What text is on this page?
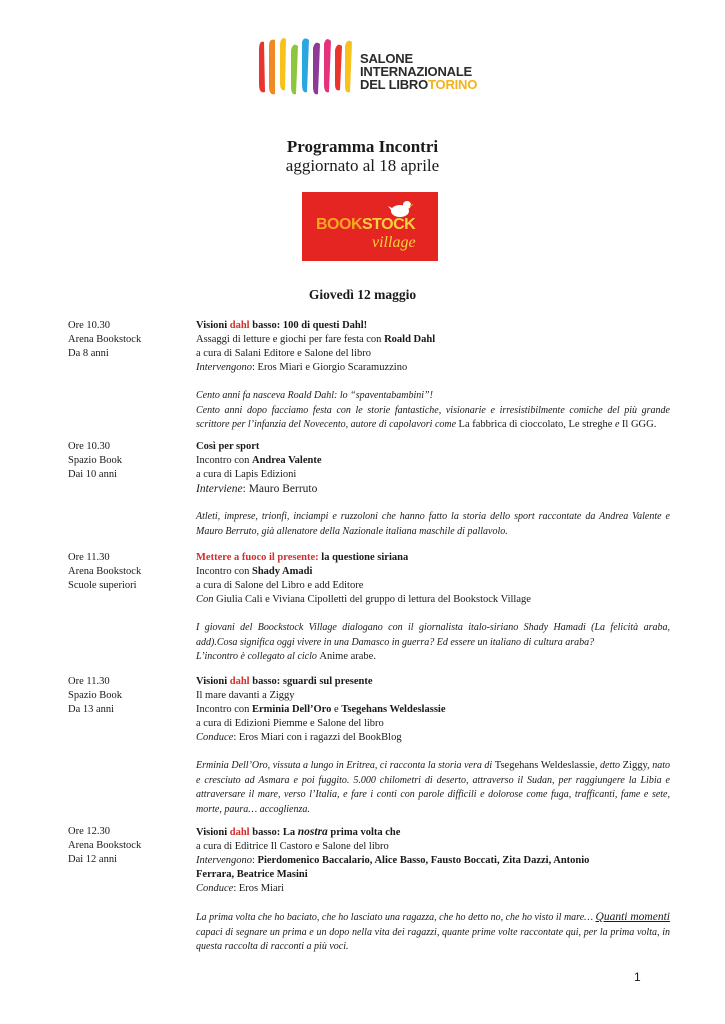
SALONE
INTERNAZIONALE
DEL LIBROTORINO
Programma Incontri
aggiornato al 18 aprile
BOOKSTOCK
village
Giovedì 12 maggio
Ore 10.30
Arena Bookstock
Da 8 anni
Visioni dahl basso: 100 di questi Dahl!
Assaggi di letture e giochi per fare festa con Roald Dahl
a cura di Salani Editore e Salone del libro
Intervengono: Eros Miari e Giorgio Scaramuzzino
Cento anni fa nasceva Roald Dahl: lo “spaventabambini”!
Cento anni dopo facciamo festa con le storie fantastiche, visionarie e irresistibilmente comiche del più grande scrittore per l’infanzia del Novecento, autore di capolavori come La fabbrica di cioccolato, Le streghe e Il GGG.
Ore 10.30
Spazio Book
Dai 10 anni
Così per sport
Incontro con Andrea Valente
a cura di Lapis Edizioni
Interviene: Mauro Berruto
Atleti, imprese, trionfi, inciampi e ruzzoloni che hanno fatto la storia dello sport raccontate da Andrea Valente e Mauro Berruto, già allenatore della Nazionale italiana maschile di pallavolo.
Ore 11.30
Arena Bookstock
Scuole superiori
Mettere a fuoco il presente: la questione siriana
Incontro con Shady Amadi
a cura di Salone del Libro e add Editore
Con Giulia Calì e Viviana Cipolletti del gruppo di lettura del Bookstock Village
I giovani del Boockstock Village dialogano con il giornalista italo-siriano Shady Hamadi (La felicità araba, add).Cosa significa oggi vivere in una Damasco in guerra? Ed essere un italiano di cultura araba?
L’incontro è collegato al ciclo Anime arabe.
Ore 11.30
Spazio Book
Da 13 anni
Visioni dahl basso: sguardi sul presente
Il mare davanti a Ziggy
Incontro con Erminia Dell’Oro e Tsegehans Weldeslassie
a cura di Edizioni Piemme e Salone del libro
Conduce: Eros Miari con i ragazzi del BookBlog
Erminia Dell’Oro, vissuta a lungo in Eritrea, ci racconta la storia vera di Tsegehans Weldeslassie, detto Ziggy, nato e cresciuto ad Asmara e poi fuggito. 5.000 chilometri di deserto, attraverso il Sudan, per raggiungere la Libia e attraversare il mare, verso l’Italia, e fare i conti con parole difficili e dolorose come fuga, trafficanti, fame e sete, morte, paura… accoglienza.
Ore 12.30
Arena Bookstock
Dai 12 anni
Visioni dahl basso: La nostra prima volta che
a cura di Editrice Il Castoro e Salone del libro
Intervengono: Pierdomenico Baccalario, Alice Basso, Fausto Boccati, Zita Dazzi, Antonio
Ferrara, Beatrice Masini
Conduce: Eros Miari
La prima volta che ho baciato, che ho lasciato una ragazza, che ho detto no, che ho visto il mare… Quanti momenti capaci di segnare un prima e un dopo nella vita dei ragazzi, quante prime volte raccontate qui, per la prima volta, in questa raccolta di racconti a più voci.
1
